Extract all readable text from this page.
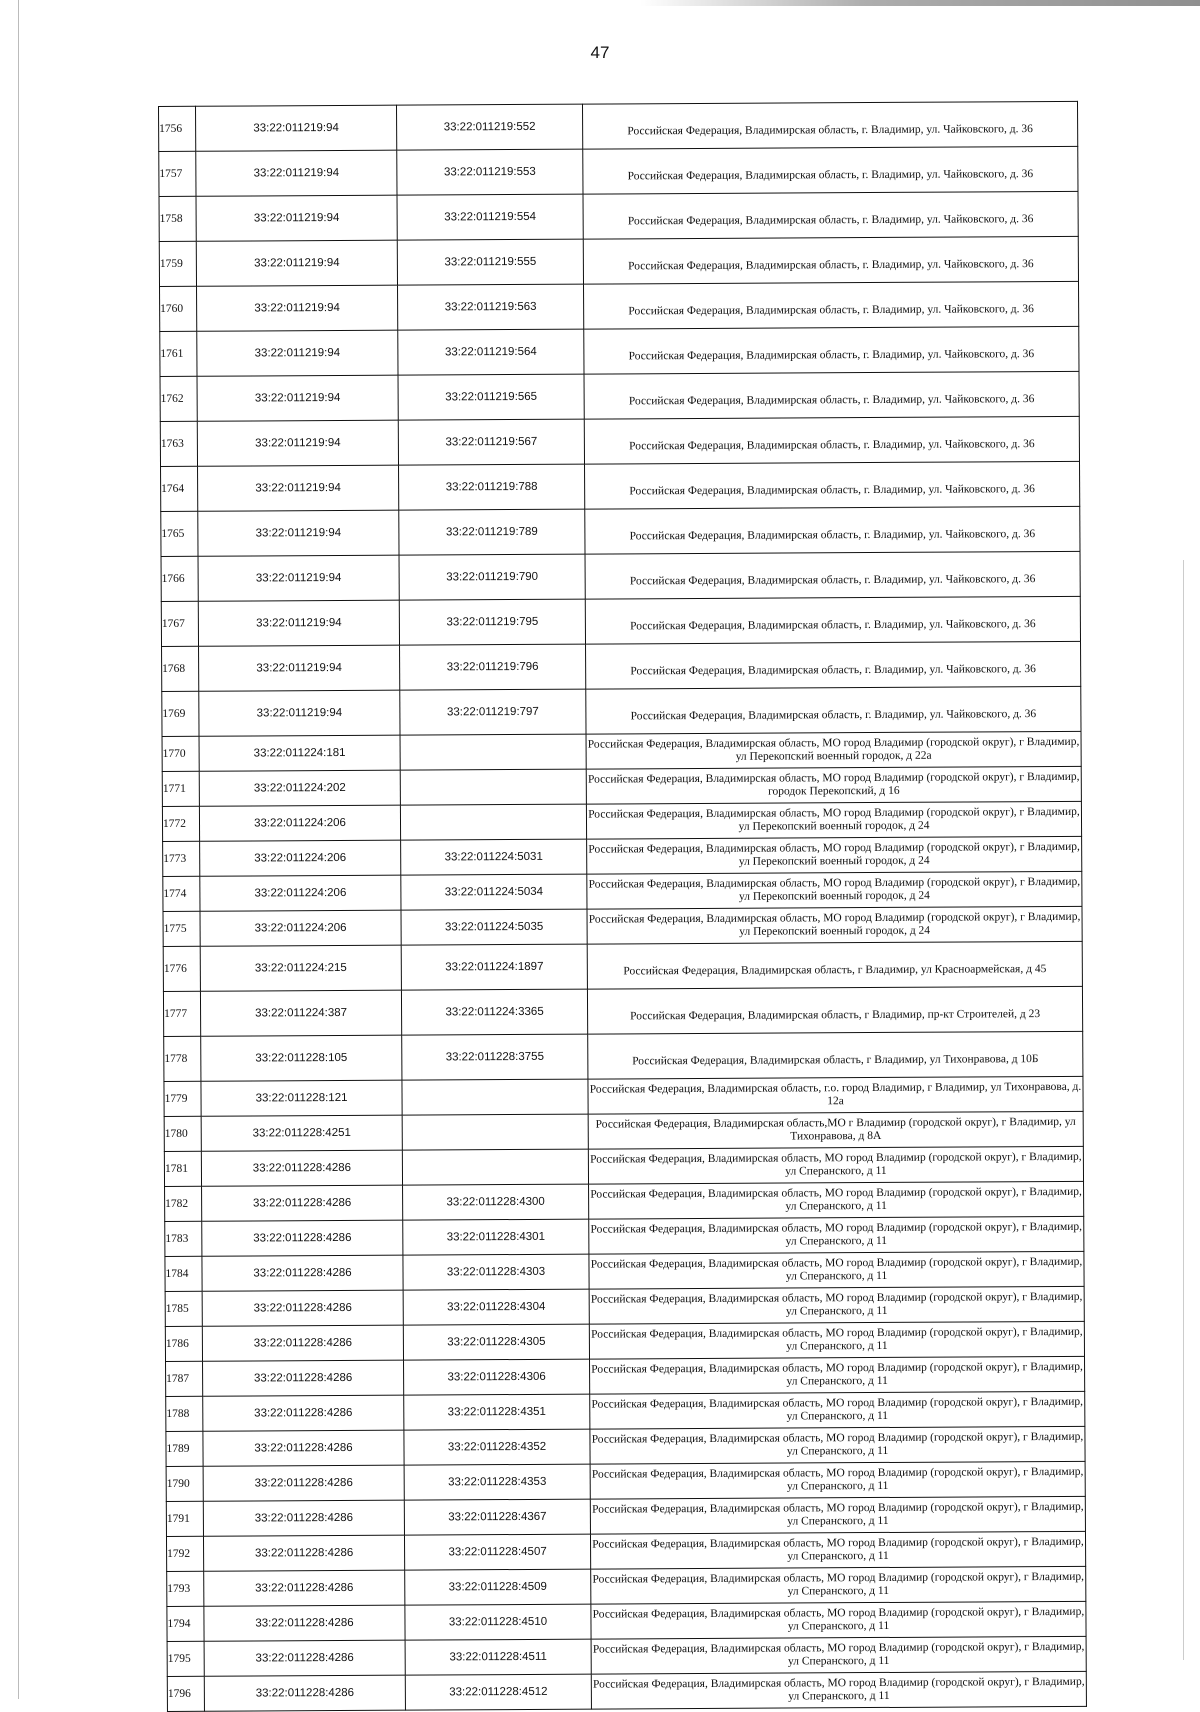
47
1756	33:22:011219:94	33:22:011219:552	Российская Федерация, Владимирская область, г. Владимир, ул. Чайковского, д. 36
1757	33:22:011219:94	33:22:011219:553	Российская Федерация, Владимирская область, г. Владимир, ул. Чайковского, д. 36
1758	33:22:011219:94	33:22:011219:554	Российская Федерация, Владимирская область, г. Владимир, ул. Чайковского, д. 36
1759	33:22:011219:94	33:22:011219:555	Российская Федерация, Владимирская область, г. Владимир, ул. Чайковского, д. 36
1760	33:22:011219:94	33:22:011219:563	Российская Федерация, Владимирская область, г. Владимир, ул. Чайковского, д. 36
1761	33:22:011219:94	33:22:011219:564	Российская Федерация, Владимирская область, г. Владимир, ул. Чайковского, д. 36
1762	33:22:011219:94	33:22:011219:565	Российская Федерация, Владимирская область, г. Владимир, ул. Чайковского, д. 36
1763	33:22:011219:94	33:22:011219:567	Российская Федерация, Владимирская область, г. Владимир, ул. Чайковского, д. 36
1764	33:22:011219:94	33:22:011219:788	Российская Федерация, Владимирская область, г. Владимир, ул. Чайковского, д. 36
1765	33:22:011219:94	33:22:011219:789	Российская Федерация, Владимирская область, г. Владимир, ул. Чайковского, д. 36
1766	33:22:011219:94	33:22:011219:790	Российская Федерация, Владимирская область, г. Владимир, ул. Чайковского, д. 36
1767	33:22:011219:94	33:22:011219:795	Российская Федерация, Владимирская область, г. Владимир, ул. Чайковского, д. 36
1768	33:22:011219:94	33:22:011219:796	Российская Федерация, Владимирская область, г. Владимир, ул. Чайковского, д. 36
1769	33:22:011219:94	33:22:011219:797	Российская Федерация, Владимирская область, г. Владимир, ул. Чайковского, д. 36
1770	33:22:011224:181		Российская Федерация, Владимирская область, МО город Владимир (городской округ), г Владимир, ул Перекопский военный городок, д 22а
1771	33:22:011224:202		Российская Федерация, Владимирская область, МО город Владимир (городской округ), г Владимир, городок Перекопский, д 16
1772	33:22:011224:206		Российская Федерация, Владимирская область, МО город Владимир (городской округ), г Владимир, ул Перекопский военный городок, д 24
1773	33:22:011224:206	33:22:011224:5031	Российская Федерация, Владимирская область, МО город Владимир (городской округ), г Владимир, ул Перекопский военный городок, д 24
1774	33:22:011224:206	33:22:011224:5034	Российская Федерация, Владимирская область, МО город Владимир (городской округ), г Владимир, ул Перекопский военный городок, д 24
1775	33:22:011224:206	33:22:011224:5035	Российская Федерация, Владимирская область, МО город Владимир (городской округ), г Владимир, ул Перекопский военный городок, д 24
1776	33:22:011224:215	33:22:011224:1897	Российская Федерация, Владимирская область, г Владимир, ул Красноармейская, д 45
1777	33:22:011224:387	33:22:011224:3365	Российская Федерация, Владимирская область, г Владимир, пр-кт Строителей, д 23
1778	33:22:011228:105	33:22:011228:3755	Российская Федерация, Владимирская область, г Владимир, ул Тихонравова, д 10Б
1779	33:22:011228:121		Российская Федерация, Владимирская область, г.о. город Владимир, г Владимир, ул Тихонравова, д. 12а
1780	33:22:011228:4251		Российская Федерация, Владимирская область,МО г Владимир (городской округ), г Владимир, ул Тихонравова, д 8А
1781	33:22:011228:4286		Российская Федерация, Владимирская область, МО город Владимир (городской округ), г Владимир, ул Сперанского, д 11
1782	33:22:011228:4286	33:22:011228:4300	Российская Федерация, Владимирская область, МО город Владимир (городской округ), г Владимир, ул Сперанского, д 11
1783	33:22:011228:4286	33:22:011228:4301	Российская Федерация, Владимирская область, МО город Владимир (городской округ), г Владимир, ул Сперанского, д 11
1784	33:22:011228:4286	33:22:011228:4303	Российская Федерация, Владимирская область, МО город Владимир (городской округ), г Владимир, ул Сперанского, д 11
1785	33:22:011228:4286	33:22:011228:4304	Российская Федерация, Владимирская область, МО город Владимир (городской округ), г Владимир, ул Сперанского, д 11
1786	33:22:011228:4286	33:22:011228:4305	Российская Федерация, Владимирская область, МО город Владимир (городской округ), г Владимир, ул Сперанского, д 11
1787	33:22:011228:4286	33:22:011228:4306	Российская Федерация, Владимирская область, МО город Владимир (городской округ), г Владимир, ул Сперанского, д 11
1788	33:22:011228:4286	33:22:011228:4351	Российская Федерация, Владимирская область, МО город Владимир (городской округ), г Владимир, ул Сперанского, д 11
1789	33:22:011228:4286	33:22:011228:4352	Российская Федерация, Владимирская область, МО город Владимир (городской округ), г Владимир, ул Сперанского, д 11
1790	33:22:011228:4286	33:22:011228:4353	Российская Федерация, Владимирская область, МО город Владимир (городской округ), г Владимир, ул Сперанского, д 11
1791	33:22:011228:4286	33:22:011228:4367	Российская Федерация, Владимирская область, МО город Владимир (городской округ), г Владимир, ул Сперанского, д 11
1792	33:22:011228:4286	33:22:011228:4507	Российская Федерация, Владимирская область, МО город Владимир (городской округ), г Владимир, ул Сперанского, д 11
1793	33:22:011228:4286	33:22:011228:4509	Российская Федерация, Владимирская область, МО город Владимир (городской округ), г Владимир, ул Сперанского, д 11
1794	33:22:011228:4286	33:22:011228:4510	Российская Федерация, Владимирская область, МО город Владимир (городской округ), г Владимир, ул Сперанского, д 11
1795	33:22:011228:4286	33:22:011228:4511	Российская Федерация, Владимирская область, МО город Владимир (городской округ), г Владимир, ул Сперанского, д 11
1796	33:22:011228:4286	33:22:011228:4512	Российская Федерация, Владимирская область, МО город Владимир (городской округ), г Владимир, ул Сперанского, д 11
